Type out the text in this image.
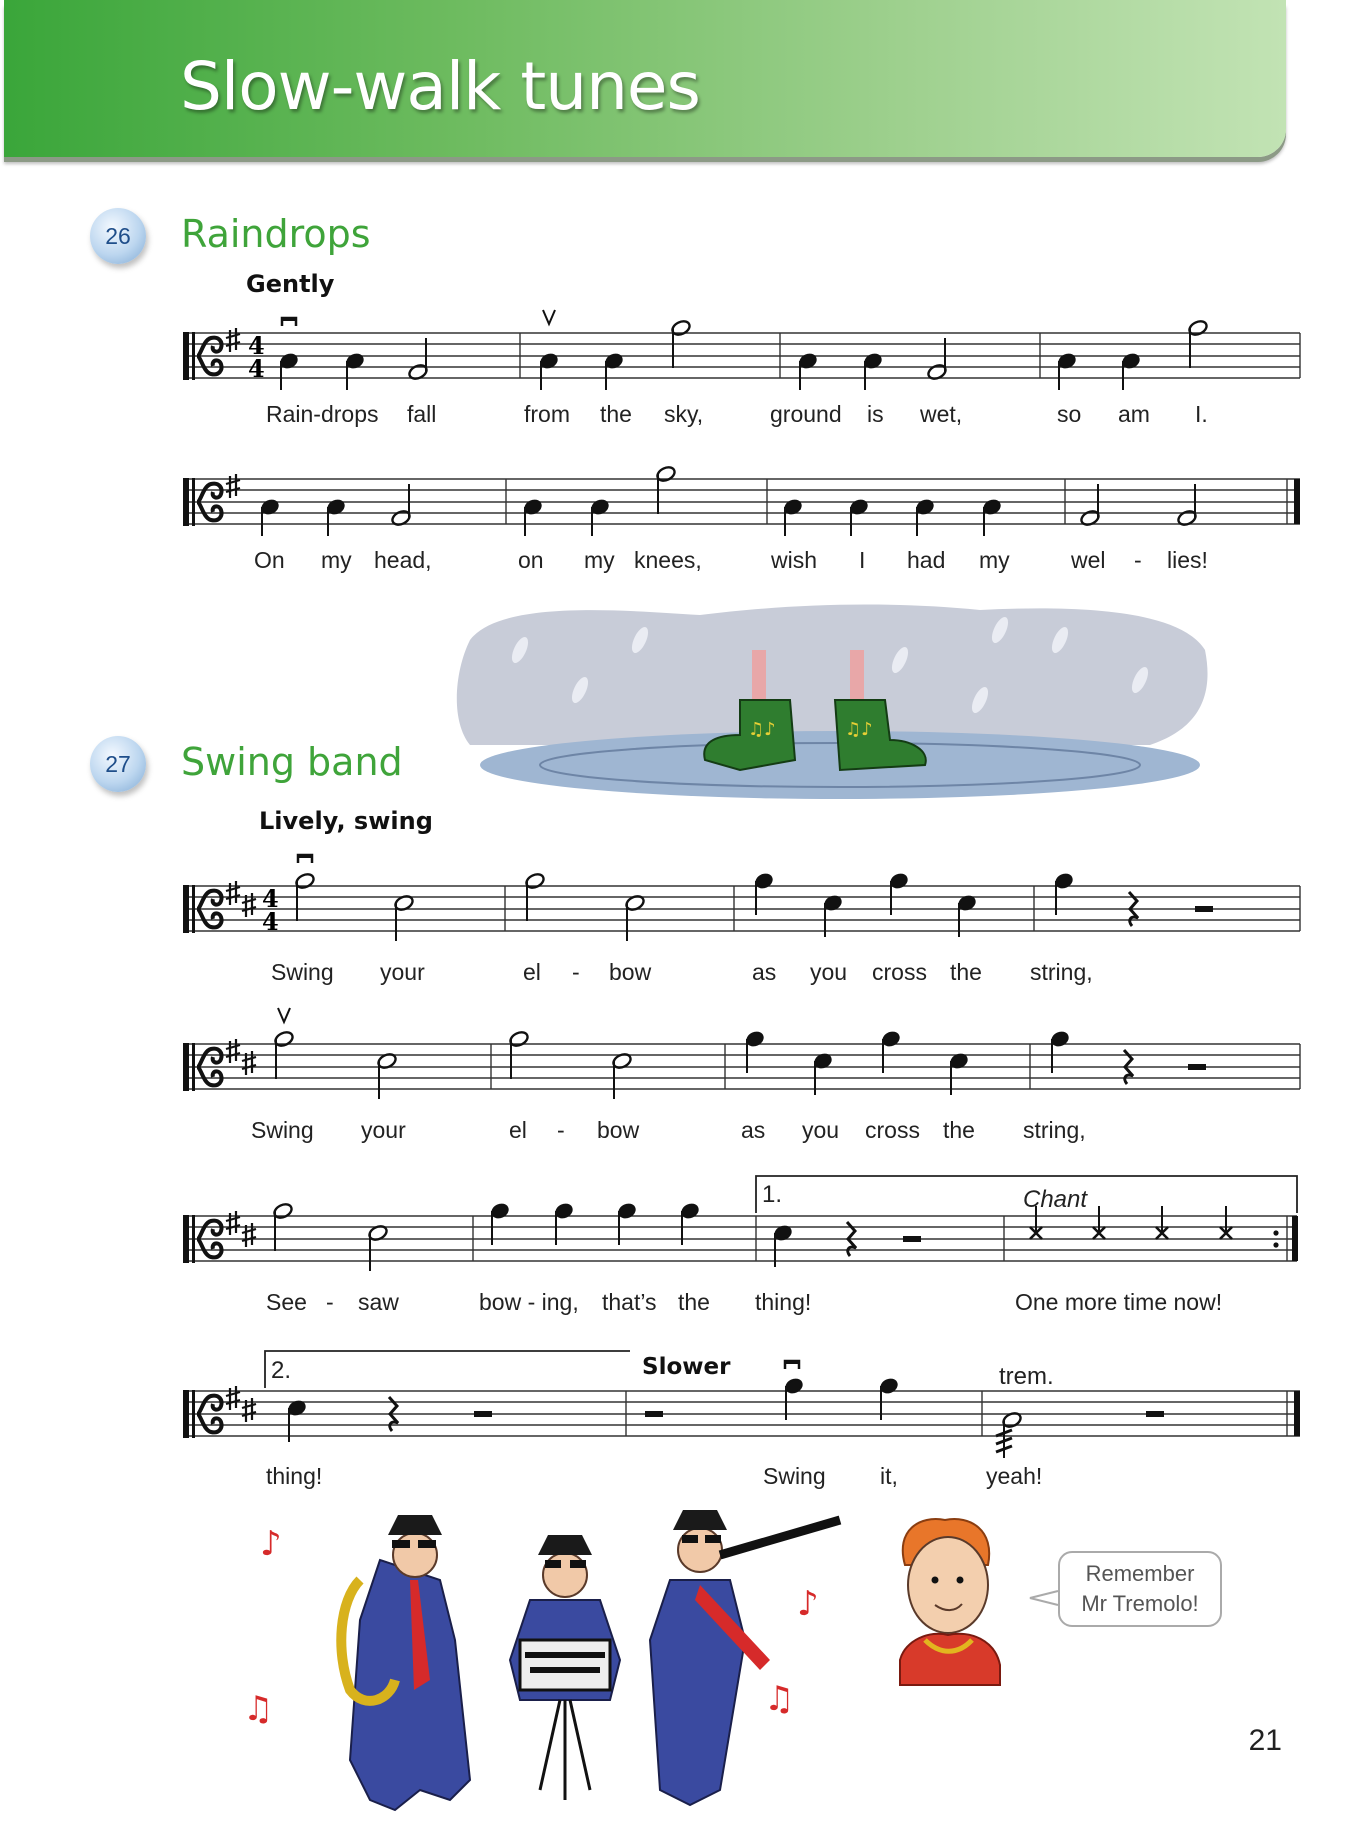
Slow-walk tunes
26 Raindrops
Gently
27 Swing band
Lively, swing
4
4
Rain-drops fall	from the sky,	ground is wet,	so am I.
On my head,	on my knees,	wish I had my	wel - lies!
♫♪	♫♪
4
4
Swing your	el - bow	as you cross the string,
Swing your	el - bow	as you cross the string,
1.	Chant
See - saw	bow - ing, that’s the thing!	One more time now!
2.	Slower	trem.
thing!	Swing it,	yeah!
♪
♫
♪
♫
Remember
Mr Tremolo!
21
